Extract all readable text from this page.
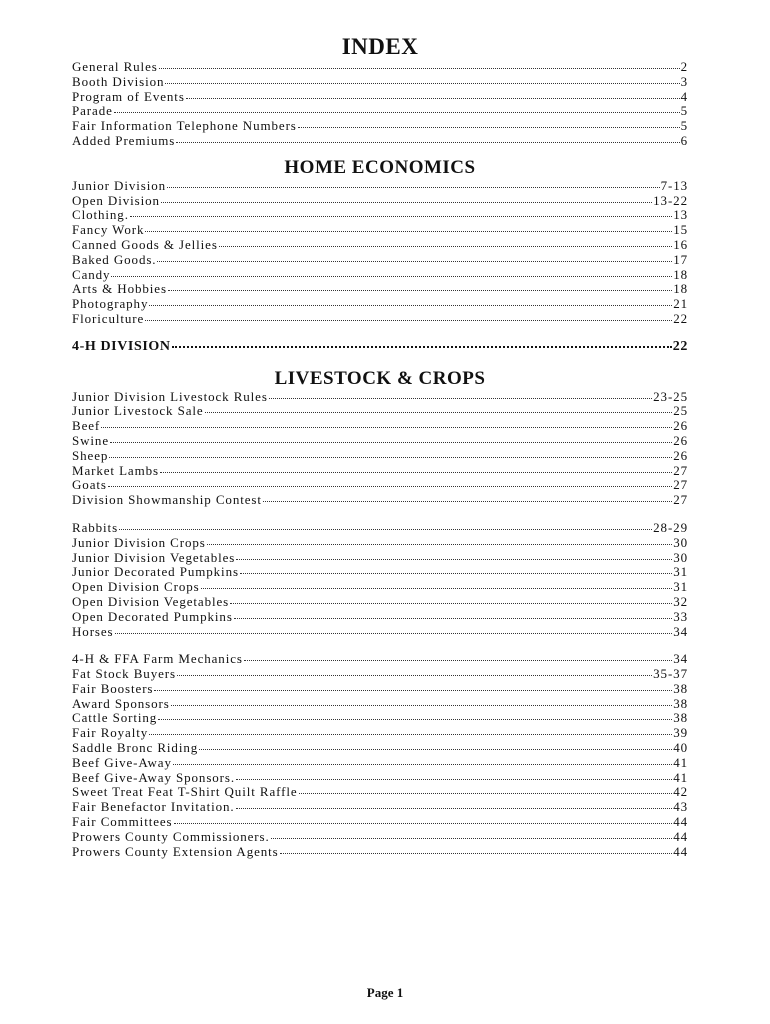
INDEX
General Rules	2
Booth Division	3
Program of Events	4
Parade	5
Fair Information Telephone Numbers	5
Added Premiums	6
HOME ECONOMICS
Junior Division	7-13
Open Division	13-22
Clothing.	13
Fancy Work	15
Canned Goods & Jellies	16
Baked Goods.	17
Candy	18
Arts & Hobbies	18
Photography	21
Floriculture	22
4-H DIVISION	22
LIVESTOCK & CROPS
Junior Division Livestock Rules	23-25
Junior Livestock Sale	25
Beef	26
Swine	26
Sheep	26
Market Lambs	27
Goats	27
Division Showmanship Contest	27
Rabbits	28-29
Junior Division Crops	30
Junior Division Vegetables	30
Junior Decorated Pumpkins	31
Open Division Crops	31
Open Division Vegetables	32
Open Decorated Pumpkins	33
Horses	34
4-H & FFA Farm Mechanics	34
Fat Stock Buyers	35-37
Fair Boosters	38
Award Sponsors	38
Cattle Sorting	38
Fair Royalty	39
Saddle Bronc Riding	40
Beef Give-Away	41
Beef Give-Away Sponsors.	41
Sweet Treat Feat T-Shirt Quilt Raffle	42
Fair Benefactor Invitation.	43
Fair Committees	44
Prowers County Commissioners.	44
Prowers County Extension Agents	44
Page 1
